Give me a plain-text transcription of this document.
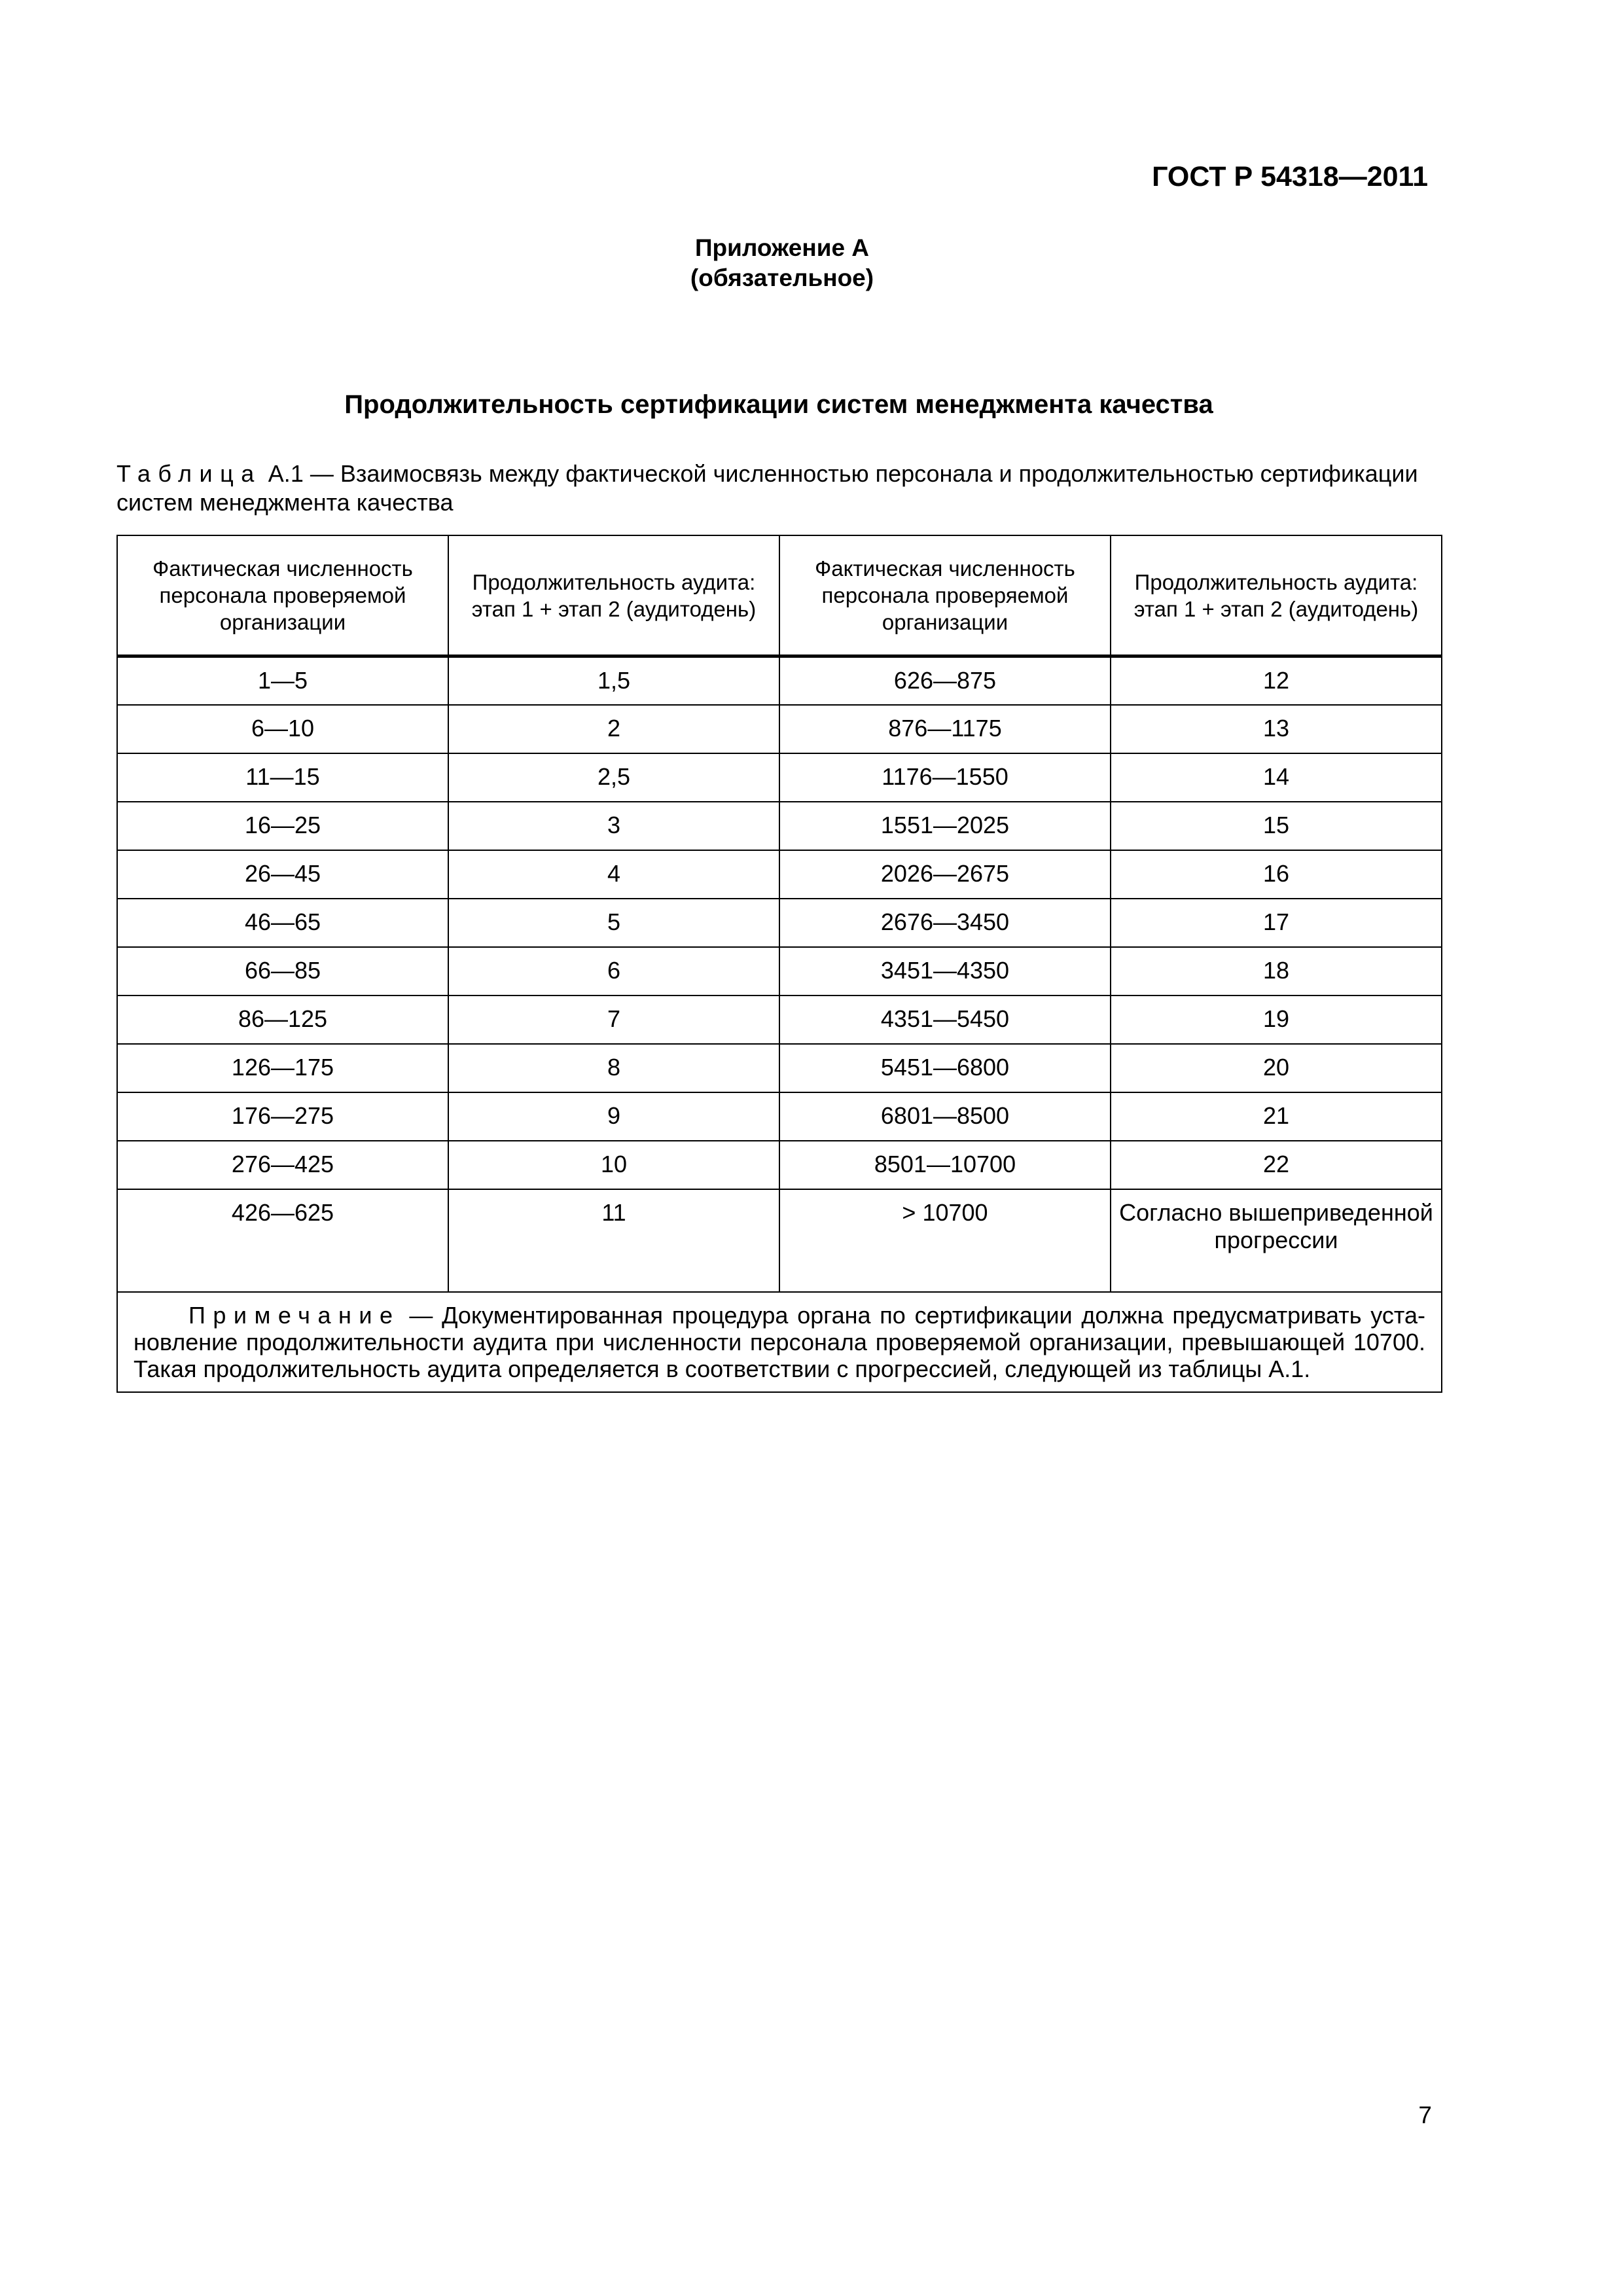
ГОСТ Р 54318—2011
Приложение А
(обязательное)
Продолжительность сертификации систем менеджмента качества
Таблица А.1 — Взаимосвязь между фактической численностью персонала и продолжительностью сертификации систем менеджмента качества
Фактическая численность персонала проверяемой организации	Продолжительность аудита: этап 1 + этап 2 (аудитодень)	Фактическая численность персонала проверяемой организации	Продолжительность аудита: этап 1 + этап 2 (аудитодень)
1—5	1,5	626—875	12
6—10	2	876—1175	13
11—15	2,5	1176—1550	14
16—25	3	1551—2025	15
26—45	4	2026—2675	16
46—65	5	2676—3450	17
66—85	6	3451—4350	18
86—125	7	4351—5450	19
126—175	8	5451—6800	20
176—275	9	6801—8500	21
276—425	10	8501—10700	22
426—625	11	> 10700	Согласно вышеприведенной прогрессии
Примечание — Документированная процедура органа по сертификации должна предусматривать установление продолжительности аудита при численности персонала проверяемой организации, превышающей 10700. Такая продолжительность аудита определяется в соответствии с прогрессией, следующей из таблицы А.1.			
7
